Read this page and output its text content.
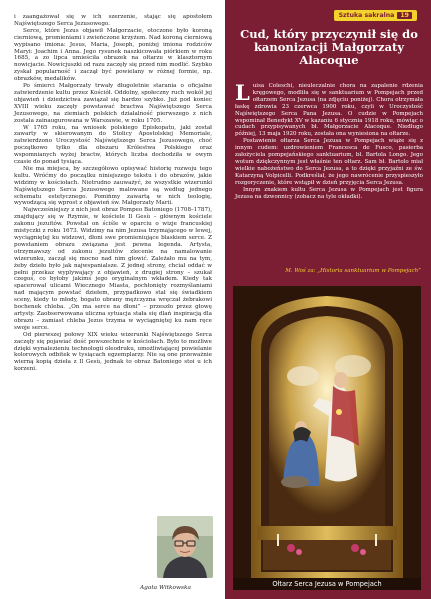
i zaangażował się w ich szerzenie, stając się apostołem Najświętszego Serca Jezusowego.

Serce, które Jezus objawił Małgorzacie, otoczone było koroną cierniową, promieniami i zwieńczone krzyżem. Nad koroną cierniową wypisano imiona: Jesus, Maria, Joseph, poniżej imiona rodziców Maryi: Joachim i Anna. Jego rysunek naszkicowała piórkiem w roku 1685, a zo lipca umieściła obrazek na ołtarzu w klasztornym nowicjacie. Nowicjuszki od razu zaczęły się przed nim modlić. Szybko zyskał popularność i zaczął być powielany w różnej formie, np. obrazków, medalików.

Po śmierci Małgorzaty trwały długoletnie starania o oficjalne zatwierdzenie kultu przez Kościół. Oddolny, społeczny ruch wokół jej objawień i dziedzictwa zawiązał się bardzo szybko. Już pod koniec XVIII wieku zaczęły powstawać bractwa Najświętszego Serca Jezusowego, na ziemiach polskich działalność pierwszego z nich została zainaugurowana w Warszawie, w roku 1705.

W 1765 roku, na wniosek polskiego Episkopatu, jaki został zawarty w skierowanym do Stolicy Apostolskiej Memoriale, zatwierdzono Uroczystość Najświętszego Serca Jezusowego, choć początkowo tylko dla obszaru Królestwa Polskiego oraz wspomnianych wyżej bractw, których liczba dochodziła w owym czasie do ponad tysiąca.

Nie ma miejsca, by szczegółowo opisywać historię rozwoju tego kultu. Wróćmy do początku niniejszego tekstu i do obrazów, jakie widzimy w kościołach. Nietrudno zauważyć, że wszystkie wizerunki Najświętszego Serca Jezusowego malowane są według jednego schematu estetycznego. Pomińmy zawartą w nich teologię, wywodzącą się wprost z objawień św. Małgorzaty Marii.

Najwcześniejszy z nich jest obraz Pompeo Batoniego (1708–1787), znajdujący się w Rzymie, w kościele Il Gesù – głównym kościele zakonu jezuitów. Powstał on ściśle w oparciu o wizje francuskiej mistyczki z roku 1673. Widzimy na nim Jezusa trzymającego w lewej, wyciągniętej ku widzowi, dłoni swe promieniujące blaskiem serce. Z powstaniem obrazu związana jest pewna legenda. Artysta, otrzymawszy od zakonu jezuitów zlecenie na namalowanie wizerunku, zaczął się mocno nad nim głowić. Zależało mu na tym, żeby dzieło było jak najwspanialsze. Z jednej strony, chciał oddać w pełni przekaz wyplywający z objawień, z drugiej strony – szukał czegoś, co byłoby jakimś jego oryginalnym wkładem. Kiedy tak spacerował ulicami Wiecznego Miasta, pochłonięty rozmyślaniami nad mającym powstać dziełem, przypadkowo stał się świadkiem sceny, kiedy to młody, bogato ubrany mężczyzna wręczał żebrakowi bochenek chleba. „On ma serce na dłoni” – przeszło przez głowę artysty. Zaobserwowana uliczna sytuacja stała się dlań inspiracją dla obrazu – zamiast chleba Jezus trzyma w wyciągniętej ku nam ręce swoje serce.

Od pierwszej połowy XIX wieku wizerunki Najświętszego Serca zaczęły się pojawiać dość powszechnie w kościołach. Było to możliwe dzięki wynalezieniu technologii oleodruku, umożliwiającej powielanie kolorowych odbitek w tysiącach egzemplarzy. Nie są one przeważnie wierną kopią dzieła z Il Gesù, jednak to obraz Batoniego stoi u ich korzeni.

Agata Witkowska
Sztuka sakralna 19
Cud, który przyczynił się do kanonizacji Małgorzaty Alacoque

Luisa Coleschi, nieuleczalnie chora na zapalenie rdzenia kręgowego, modliła się w sanktuarium w Pompejach przed ołtarzem Serca Jezusa (na zdjęciu poniżej). Chora otrzymała łaskę zdrowia 23 czerwca 1900 roku, czyli w Uroczystość Najświętszego Serca Pana Jezusa. O cudzie w Pompejach wspominał Benedykt XV w kazaniu 6 stycznia 1918 roku, mówiąc o cudach przypisywanych bł. Małgorzacie Alacoque. Niedługo później, 13 maja 1920 roku, została ona wyniesiona na ołtarze.

Postawienie ołtarza Serca Jezusa w Pompejach wiąże się z innym cudem: uzdrowieniem Francesca de Fusco, pasierba założyciela pompejańskiego sanktuarium, bł. Bartola Longo. Jego wotum dziękczynnym jest właśnie ten ołtarz. Sam bł. Bartolo miał wielkie nabożeństwo do Serca Jezusa, a to dzięki przyjaźni ze św. Katarzyną Volpicelli. Podkreślał, że jego nawrócenie przyspieszyło rozgoryczenie, które wstąpił w dzień przyjęcia Serca Jezusa.

Innym znakiem kultu Serca Jezusa w Pompejach jest figura Jezusa na dzwonnicy (zobacz na tyle okładki).

M. Woś za: „Historia sanktuarium w Pompejach”
Ołtarz Serca Jezusa w Pompejach
